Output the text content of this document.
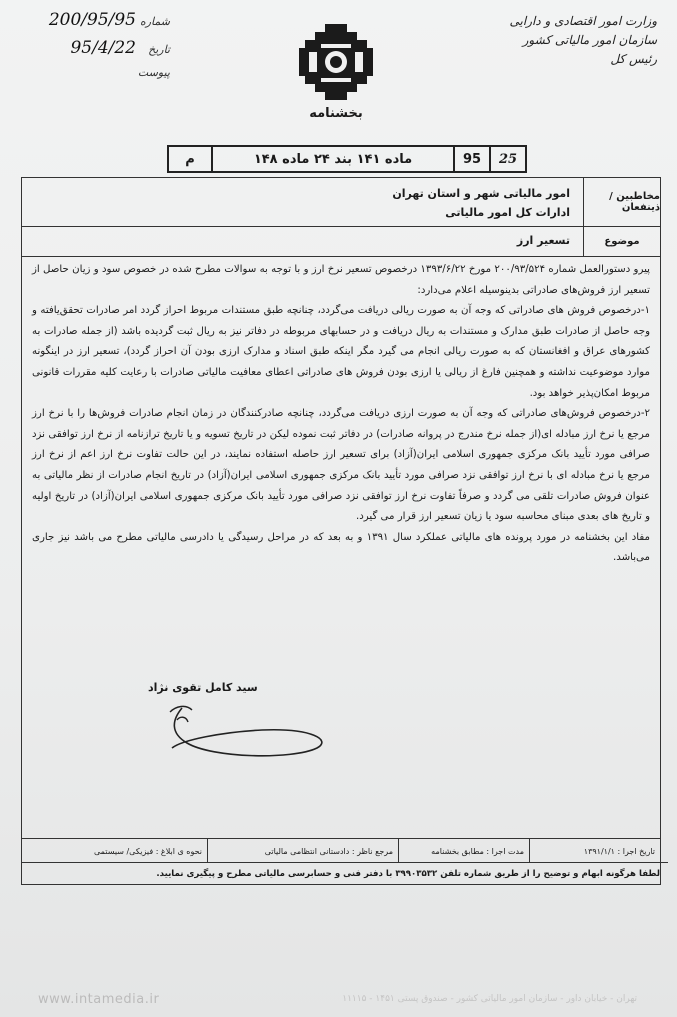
وزارت امور اقتصادی و دارایی
سازمان امور مالیاتی کشور
رئیس کل
شماره
200/95/95
تاریخ
95/4/22
پیوست
بخشنامه
25
95
ماده ۱۴۱ بند ۲۴ ماده ۱۴۸
م
مخاطبین / ذینفعان
امور مالیاتی شهر و استان تهران
ادارات کل امور مالیاتی
موضوع
تسعیر ارز

پیرو دستورالعمل شماره ۲۰۰/۹۳/۵۲۴ مورخ ۱۳۹۳/۶/۲۲ درخصوص تسعیر نرخ ارز و با توجه به سوالات مطرح شده در خصوص سود و زیان حاصل از تسعیر ارز فروش‌های صادراتی بدینوسیله اعلام می‌دارد:

۱-درخصوص فروش های صادراتی که وجه آن به صورت ریالی دریافت می‌گردد، چنانچه طبق مستندات مربوط احراز گردد امر صادرات تحقق‌یافته و وجه حاصل از صادرات طبق مدارک و مستندات به ریال دریافت و در حسابهای مربوطه در دفاتر نیز به ریال ثبت گردیده باشد (از جمله صادرات به کشورهای عراق و افغانستان که به صورت ریالی انجام می گیرد مگر اینکه طبق اسناد و مدارک ارزی بودن آن احراز گردد)، تسعیر ارز در اینگونه موارد موضوعیت نداشته و همچنین فارغ از ریالی یا ارزی بودن فروش های صادراتی اعطای معافیت مالیاتی صادرات با رعایت کلیه مقررات قانونی مربوط امکان‌پذیر خواهد بود.

۲-درخصوص فروش‌های صادراتی که وجه آن به صورت ارزی دریافت می‌گردد، چنانچه صادرکنندگان در زمان انجام صادرات فروش‌ها را با نرخ ارز مرجع یا نرخ ارز مبادله ای(از جمله نرخ مندرج در پروانه صادرات) در دفاتر ثبت نموده لیکن در تاریخ تسویه و یا تاریخ ترازنامه از نرخ ارز توافقی نزد صرافی مورد تأیید بانک مرکزی جمهوری اسلامی ایران(آزاد) برای تسعیر ارز حاصله استفاده نمایند، در این حالت تفاوت نرخ ارز اعم از نرخ ارز مرجع یا نرخ مبادله ای با نرخ ارز توافقی نزد صرافی مورد تأیید بانک مرکزی جمهوری اسلامی ایران(آزاد) در تاریخ انجام صادرات از نظر مالیاتی به عنوان فروش صادرات تلقی می گردد و صرفاً تفاوت نرخ ارز توافقی نزد صرافی مورد تأیید بانک مرکزی جمهوری اسلامی ایران(آزاد) در تاریخ اولیه و تاریخ های بعدی مبنای محاسبه سود یا زیان تسعیر ارز قرار می گیرد.

مفاد این بخشنامه در مورد پرونده های مالیاتی عملکرد سال ۱۳۹۱ و به بعد که در مراحل رسیدگی یا دادرسی مالیاتی مطرح می باشد نیز جاری می‌باشد.

سید کامل تقوی نژاد
تاریخ اجرا : ۱۳۹۱/۱/۱
مدت اجرا : مطابق بخشنامه
مرجع ناظر : دادستانی انتظامی مالیاتی
نحوه ی ابلاغ : فیزیکی/ سیستمی
لطفا هرگونه ابهام و توضیح را از طریق شماره تلفن ۳۹۹۰۳۵۳۲ با دفتر فنی و حسابرسی مالیاتی مطرح و پیگیری نمایید.
www.intamedia.ir	تهران - خیابان داور - سازمان امور مالیاتی کشور - صندوق پستی ۱۴۵۱ - ۱۱۱۱۵
